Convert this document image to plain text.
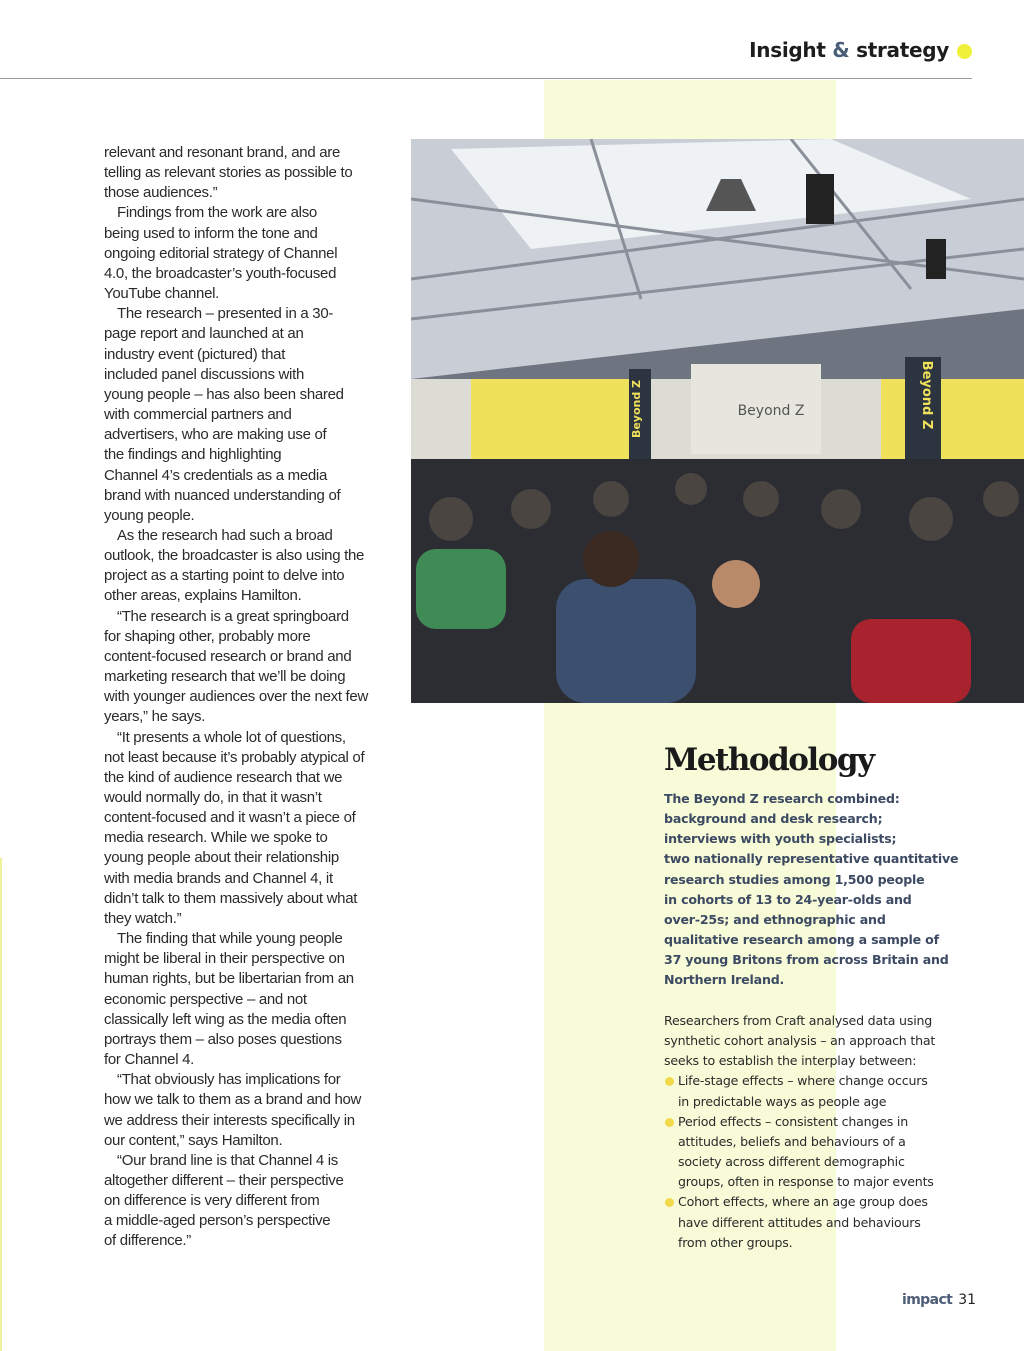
Insight & strategy
relevant and resonant brand, and are
telling as relevant stories as possible to
those audiences.”
Findings from the work are also
being used to inform the tone and
ongoing editorial strategy of Channel
4.0, the broadcaster’s youth-focused
YouTube channel.
The research – presented in a 30-
page report and launched at an
industry event (pictured) that
included panel discussions with
young people – has also been shared
with commercial partners and
advertisers, who are making use of
the findings and highlighting
Channel 4’s credentials as a media
brand with nuanced understanding of
young people.
As the research had such a broad
outlook, the broadcaster is also using the
project as a starting point to delve into
other areas, explains Hamilton.
“The research is a great springboard
for shaping other, probably more
content-focused research or brand and
marketing research that we’ll be doing
with younger audiences over the next few
years,” he says.
“It presents a whole lot of questions,
not least because it’s probably atypical of
the kind of audience research that we
would normally do, in that it wasn’t
content-focused and it wasn’t a piece of
media research. While we spoke to
young people about their relationship
with media brands and Channel 4, it
didn’t talk to them massively about what
they watch.”
The finding that while young people
might be liberal in their perspective on
human rights, but be libertarian from an
economic perspective – and not
classically left wing as the media often
portrays them – also poses questions
for Channel 4.
“That obviously has implications for
how we talk to them as a brand and how
we address their interests specifically in
our content,” says Hamilton.
“Our brand line is that Channel 4 is
altogether different – their perspective
on difference is very different from
a middle-aged person’s perspective
of difference.”
Beyond Z	Beyond Z
Beyond Z
Methodology
The Beyond Z research combined:
background and desk research;
interviews with youth specialists;
two nationally representative quantitative
research studies among 1,500 people
in cohorts of 13 to 24-year-olds and
over-25s; and ethnographic and
qualitative research among a sample of
37 young Britons from across Britain and
Northern Ireland.
Researchers from Craft analysed data using
synthetic cohort analysis – an approach that
seeks to establish the interplay between:
Life-stage effects – where change occurs
in predictable ways as people age
Period effects – consistent changes in
attitudes, beliefs and behaviours of a
society across different demographic
groups, often in response to major events
Cohort effects, where an age group does
have different attitudes and behaviours
from other groups.
impact 31
